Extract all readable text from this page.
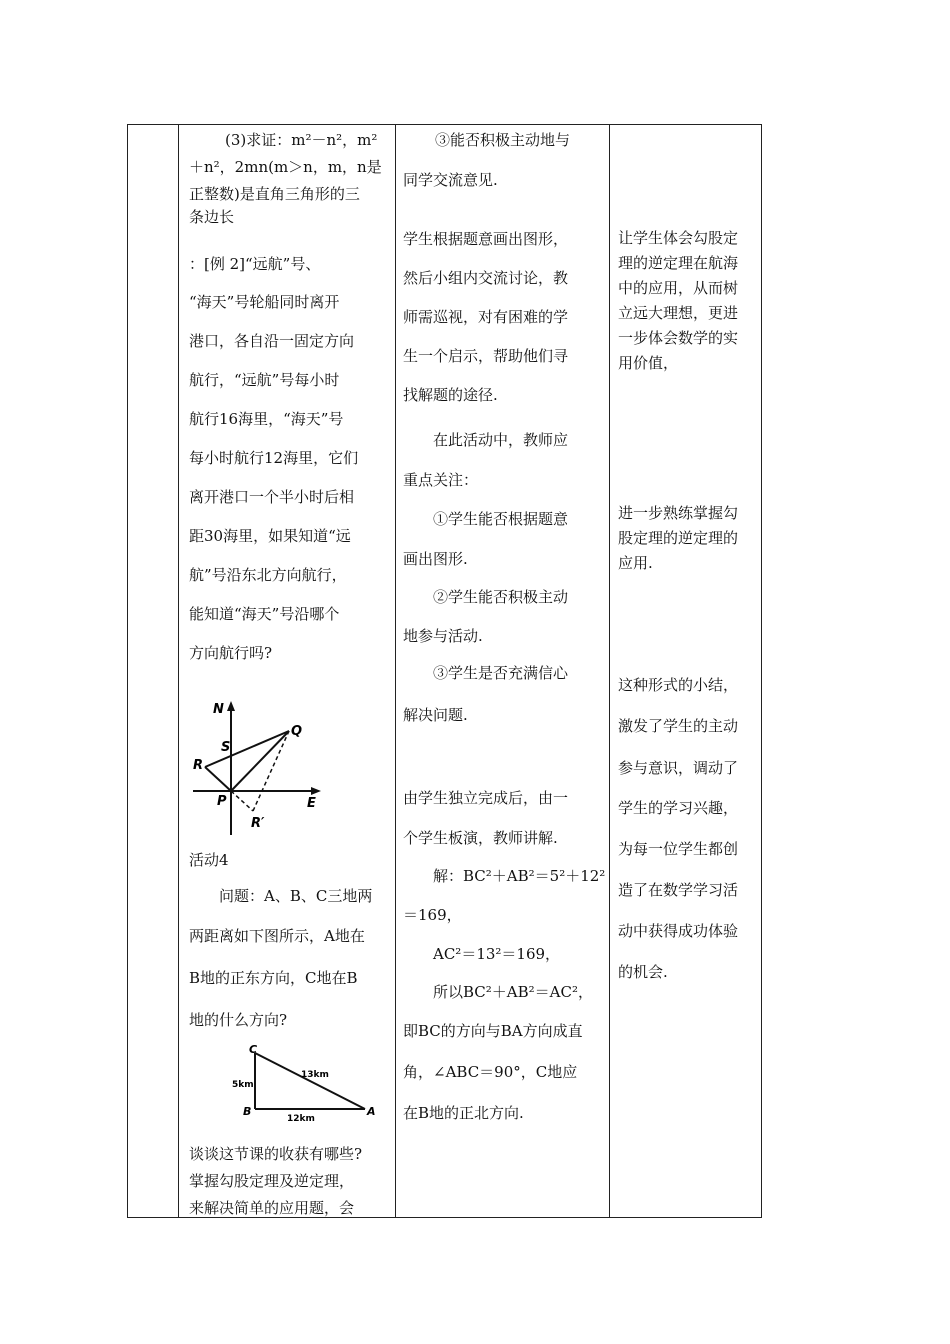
(3)求证：m²－n²，m²
＋n²，2mn(m＞n，m，n是
正整数)是直角三角形的三
条边长
：[例 2]“远航”号、
“海天”号轮船同时离开
港口，各自沿一固定方向
航行，“远航”号每小时
航行16海里，“海天”号
每小时航行12海里，它们
离开港口一个半小时后相
距30海里，如果知道“远
航”号沿东北方向航行，
能知道“海天”号沿哪个
方向航行吗?
N
Q
S
R
P	E
R′
活动4
问题：A、B、C三地两
两距离如下图所示，A地在
B地的正东方向，C地在B
地的什么方向?
C
B	A
5km
13km
12km
谈谈这节课的收获有哪些?
掌握勾股定理及逆定理，
来解决简单的应用题，会
③能否积极主动地与
同学交流意见.
学生根据题意画出图形，
然后小组内交流讨论，教
师需巡视，对有困难的学
生一个启示，帮助他们寻
找解题的途径.
在此活动中，教师应
重点关注：
①学生能否根据题意
画出图形.
②学生能否积极主动
地参与活动.
③学生是否充满信心
解决问题.
由学生独立完成后，由一
个学生板演，教师讲解.
解：BC²＋AB²＝5²＋12²
＝169，
AC²＝13²＝169，
所以BC²＋AB²＝AC²，
即BC的方向与BA方向成直
角，∠ABC＝90°，C地应
在B地的正北方向.
让学生体会勾股定
理的逆定理在航海
中的应用，从而树
立远大理想，更进
一步体会数学的实
用价值，
进一步熟练掌握勾
股定理的逆定理的
应用.
这种形式的小结，
激发了学生的主动
参与意识，调动了
学生的学习兴趣，
为每一位学生都创
造了在数学学习活
动中获得成功体验
的机会.
